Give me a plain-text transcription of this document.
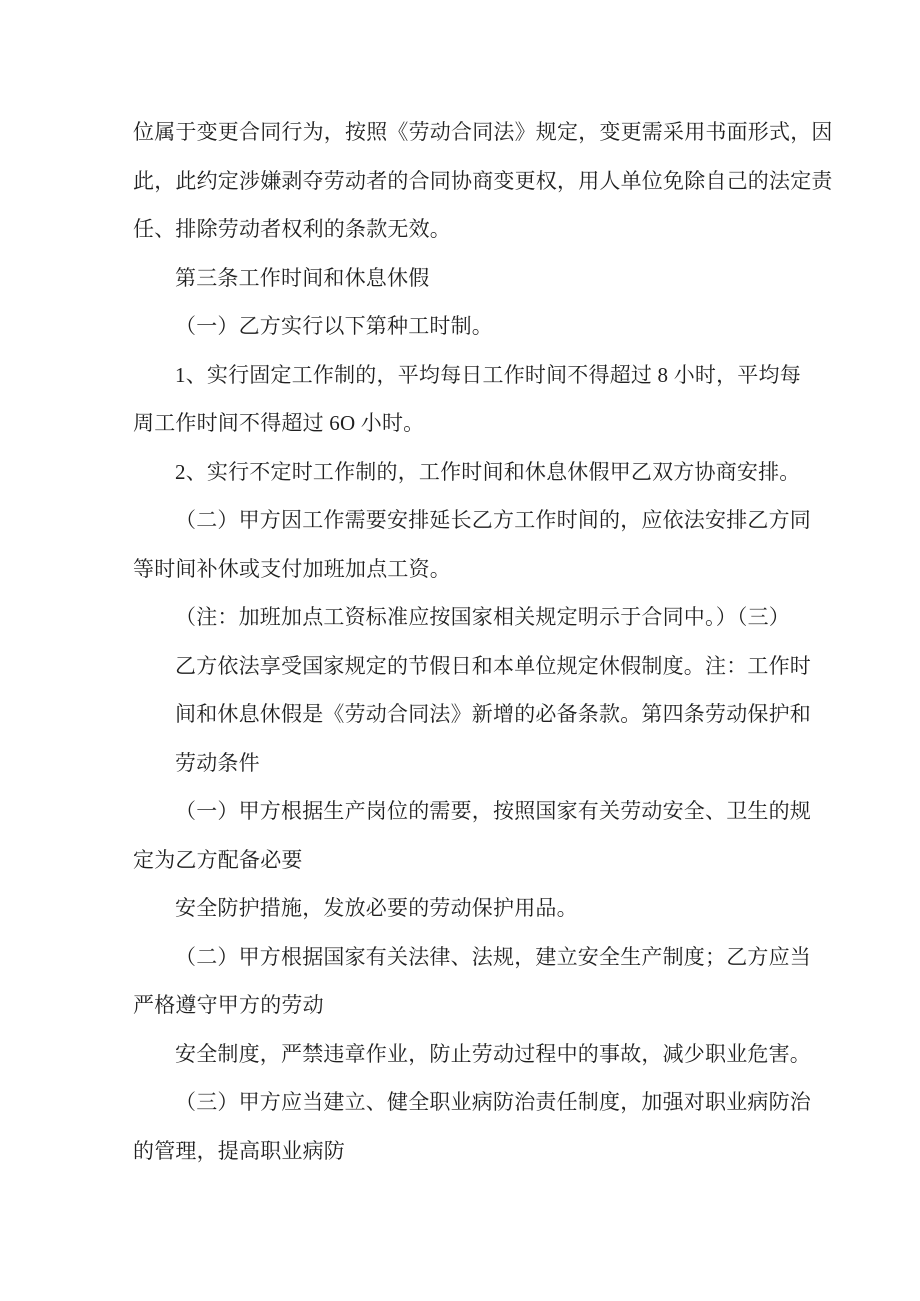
位属于变更合同行为，按照《劳动合同法》规定，变更需采用书面形式，因
此，此约定涉嫌剥夺劳动者的合同协商变更权，用人单位免除自己的法定责
任、排除劳动者权利的条款无效。
第三条工作时间和休息休假
（一）乙方实行以下第种工时制。
1、实行固定工作制的，平均每日工作时间不得超过 8 小时，平均每
周工作时间不得超过 6O 小时。
2、实行不定时工作制的，工作时间和休息休假甲乙双方协商安排。
（二）甲方因工作需要安排延长乙方工作时间的，应依法安排乙方同
等时间补休或支付加班加点工资。
（注：加班加点工资标准应按国家相关规定明示于合同中。）（三）
乙方依法享受国家规定的节假日和本单位规定休假制度。注：工作时
间和休息休假是《劳动合同法》新增的必备条款。第四条劳动保护和
劳动条件
（一）甲方根据生产岗位的需要，按照国家有关劳动安全、卫生的规
定为乙方配备必要
安全防护措施，发放必要的劳动保护用品。
（二）甲方根据国家有关法律、法规，建立安全生产制度；乙方应当
严格遵守甲方的劳动
安全制度，严禁违章作业，防止劳动过程中的事故，减少职业危害。
（三）甲方应当建立、健全职业病防治责任制度，加强对职业病防治
的管理，提高职业病防
